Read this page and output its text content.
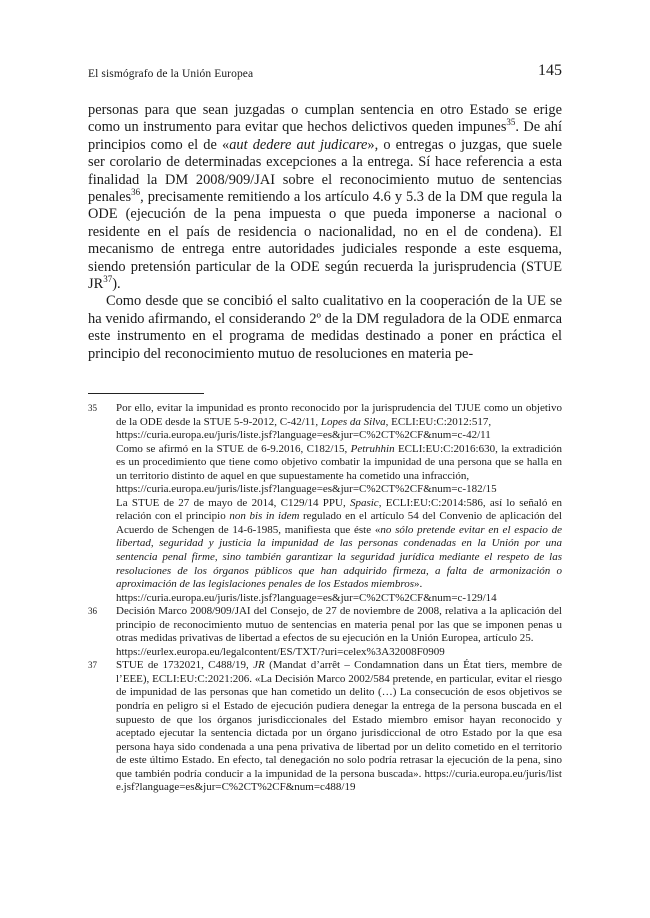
El sismógrafo de la Unión Europea	145

personas para que sean juzgadas o cumplan sentencia en otro Estado se erige como un instrumento para evitar que hechos delictivos queden impunes$^{35}$. De ahí principios como el de «aut dedere aut judicare», o entregas o juzgas, que suele ser corolario de determinadas excepciones a la entrega. Sí hace referencia a esta finalidad la DM 2008/909/JAI sobre el reconocimiento mutuo de sentencias penales$^{36}$, precisamente remitiendo a los artículo 4.6 y 5.3 de la DM que regula la ODE (ejecución de la pena impuesta o que pueda imponerse a nacional o residente en el país de residencia o nacionalidad, no en el de condena). El mecanismo de entrega entre autoridades judiciales responde a este esquema, siendo pretensión particular de la ODE según recuerda la jurisprudencia (STUE JR$^{37}$).

Como desde que se concibió el salto cualitativo en la cooperación de la UE se ha venido afirmando, el considerando 2º de la DM reguladora de la ODE enmarca este instrumento en el programa de medidas destinado a poner en práctica el principio del reconocimiento mutuo de resoluciones en materia pe-

35 Por ello, evitar la impunidad es pronto reconocido por la jurisprudencia del TJUE como un objetivo de la ODE desde la STUE 5-9-2012, C-42/11, Lopes da Silva, ECLI:EU:C:2012:517,

https://curia.europa.eu/juris/liste.jsf?language=es&jur=C%2CT%2CF&num=c-42/11

Como se afirmó en la STUE de 6-9.2016, C182/15, Petruhhin ECLI:EU:C:2016:630, la extradición es un procedimiento que tiene como objetivo combatir la impunidad de una persona que se halla en un territorio distinto de aquel en que supuestamente ha cometido una infracción,

https://curia.europa.eu/juris/liste.jsf?language=es&jur=C%2CT%2CF&num=c-182/15

La STUE de 27 de mayo de 2014, C129/14 PPU, Spasic, ECLI:EU:C:2014:586, así lo señaló en relación con el principio non bis in idem regulado en el artículo 54 del Convenio de aplicación del Acuerdo de Schengen de 14-6-1985, manifiesta que éste «no sólo pretende evitar en el espacio de libertad, seguridad y justicia la impunidad de las personas condenadas en la Unión por una sentencia penal firme, sino también garantizar la seguridad jurídica mediante el respeto de las resoluciones de los órganos públicos que han adquirido firmeza, a falta de armonización o aproximación de las legislaciones penales de los Estados miembros».

https://curia.europa.eu/juris/liste.jsf?language=es&jur=C%2CT%2CF&num=c-129/14

36 Decisión Marco 2008/909/JAI del Consejo, de 27 de noviembre de 2008, relativa a la aplicación del principio de reconocimiento mutuo de sentencias en materia penal por las que se imponen penas u otras medidas privativas de libertad a efectos de su ejecución en la Unión Europea, artículo 25.

https://eurlex.europa.eu/legalcontent/ES/TXT/?uri=celex%3A32008F0909

37 STUE de 1732021, C488/19, JR (Mandat d’arrêt – Condamnation dans un État tiers, membre de l’EEE), ECLI:EU:C:2021:206. «La Decisión Marco 2002/584 pretende, en particular, evitar el riesgo de impunidad de las personas que han cometido un delito (…) La consecución de esos objetivos se pondría en peligro si el Estado de ejecución pudiera denegar la entrega de la persona buscada en el supuesto de que los órganos jurisdiccionales del Estado miembro emisor hayan reconocido y aceptado ejecutar la sentencia dictada por un órgano jurisdiccional de otro Estado por la que esa persona haya sido condenada a una pena privativa de libertad por un delito cometido en el territorio de este último Estado. En efecto, tal denegación no solo podría retrasar la ejecución de la pena, sino que también podría conducir a la impunidad de la persona buscada». https://curia.europa.eu/juris/liste.jsf?language=es&jur=C%2CT%2CF&num=c488/19
